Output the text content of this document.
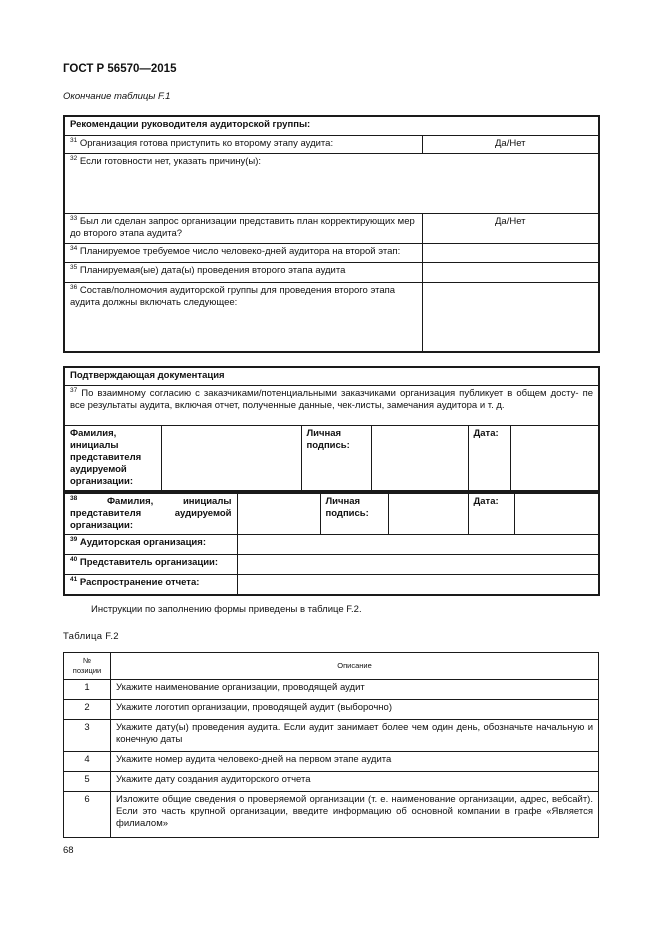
ГОСТ Р 56570—2015
Окончание таблицы F.1
Рекомендации руководителя аудиторской группы:	
$^{31}$ Организация готова приступить ко второму этапу аудита:	Да/Нет
$^{32}$ Если готовности нет, указать причину(ы):	
$^{33}$ Был ли сделан запрос организации представить план корректирующих мер до второго этапа аудита?	Да/Нет
$^{34}$ Планируемое требуемое число человеко-дней аудитора на второй этап:	
$^{35}$ Планируемая(ые) дата(ы) проведения второго этапа аудита	
$^{36}$ Состав/полномочия аудиторской группы для проведения второго этапа аудита должны включать следующее:	
Подтверждающая документация
$^{37}$ По взаимному согласию с заказчиками/потенциальными заказчиками организация публикует в общем досту- пе все результаты аудита, включая отчет, полученные данные, чек-листы, замечания аудитора и т. д.
Фамилия, инициалы представителя аудируемой организации:		Личная подпись:		Дата:	
$^{38}$ Фамилия, инициалы представителя аудируемой организации:		Личная подпись:		Дата:	
$^{39}$ Аудиторская организация:					
$^{40}$ Представитель организации:					
$^{41}$ Распространение отчета:					
Инструкции по заполнению формы приведены в таблице F.2.
Таблица F.2
№ позиции	Описание
1	Укажите наименование организации, проводящей аудит
2	Укажите логотип организации, проводящей аудит (выборочно)
3	Укажите дату(ы) проведения аудита. Если аудит занимает более чем один день, обозначьте начальную и конечную даты
4	Укажите номер аудита человеко-дней на первом этапе аудита
5	Укажите дату создания аудиторского отчета
6	Изложите общие сведения о проверяемой организации (т. е. наименование организации, адрес, вебсайт). Если это часть крупной организации, введите информацию об основной компании в графе «Является филиалом»
68
